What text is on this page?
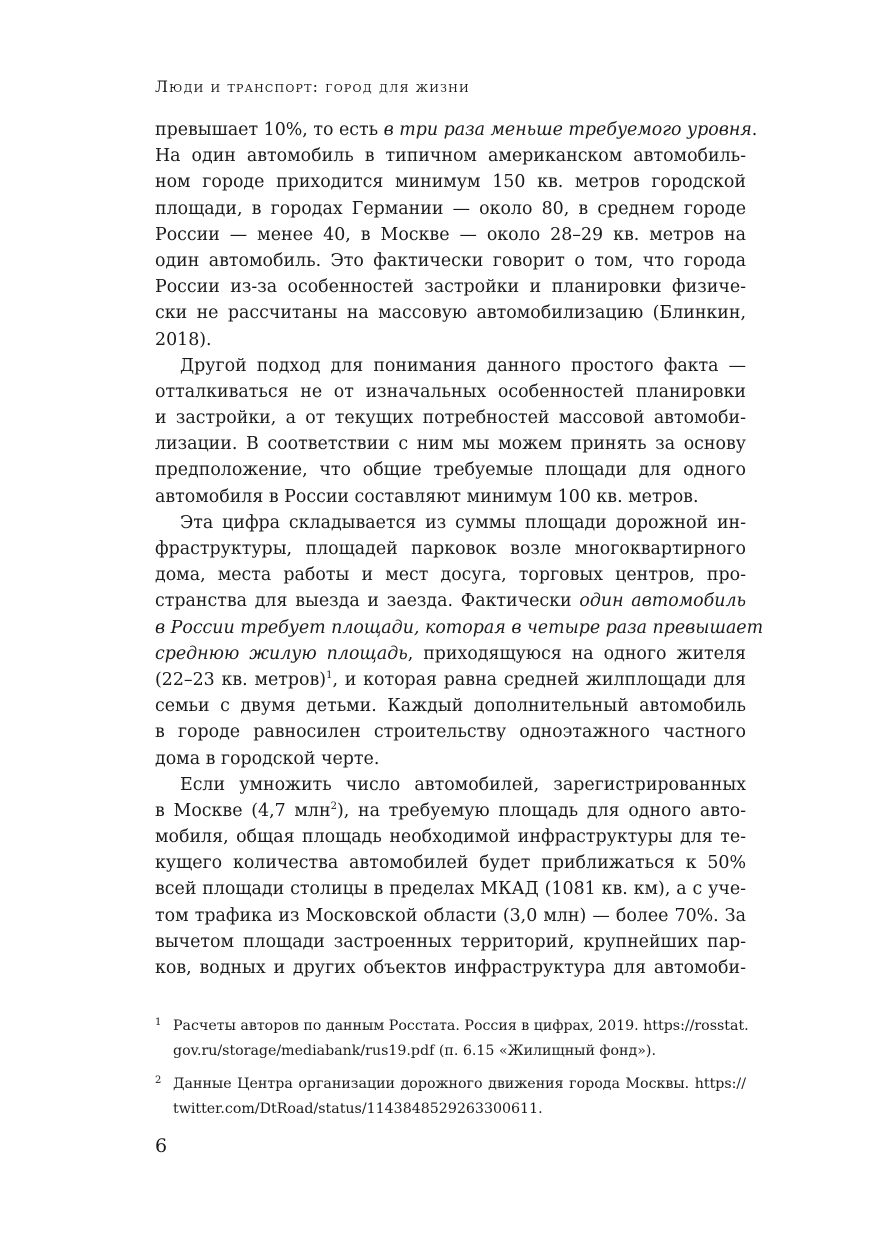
Люди и транспорт: город для жизни
превышает 10%, то есть в три раза меньше требуемого уровня.
На один автомобиль в типичном американском автомобиль-
ном городе приходится минимум 150 кв. метров городской
площади, в городах Германии — около 80, в среднем городе
России — менее 40, в Москве — около 28–29 кв. метров на
один автомобиль. Это фактически говорит о том, что города
России из-за особенностей застройки и планировки физиче-
ски не рассчитаны на массовую автомобилизацию (Блинкин,
2018).
Другой подход для понимания данного простого факта —
отталкиваться не от изначальных особенностей планировки
и застройки, а от текущих потребностей массовой автомоби-
лизации. В соответствии с ним мы можем принять за основу
предположение, что общие требуемые площади для одного
автомобиля в России составляют минимум 100 кв. метров.
Эта цифра складывается из суммы площади дорожной ин-
фраструктуры, площадей парковок возле многоквартирного
дома, места работы и мест досуга, торговых центров, про-
странства для выезда и заезда. Фактически один автомобиль
в России требует площади, которая в четыре раза превышает
среднюю жилую площадь, приходящуюся на одного жителя
(22–23 кв. метров)$^1$, и которая равна средней жилплощади для
семьи с двумя детьми. Каждый дополнительный автомобиль
в городе равносилен строительству одноэтажного частного
дома в городской черте.
Если умножить число автомобилей, зарегистрированных
в Москве (4,7 млн$^2$), на требуемую площадь для одного авто-
мобиля, общая площадь необходимой инфраструктуры для те-
кущего количества автомобилей будет приближаться к 50%
всей площади столицы в пределах МКАД (1081 кв. км), а с уче-
том трафика из Московской области (3,0 млн) — более 70%. За
вычетом площади застроенных территорий, крупнейших пар-
ков, водных и других объектов инфраструктура для автомоби-
1 Расчеты авторов по данным Росстата. Россия в цифрах, 2019. https://rosstat.
gov.ru/storage/mediabank/rus19.pdf (п. 6.15 «Жилищный фонд»).
2 Данные Центра организации дорожного движения города Москвы. https://
twitter.com/DtRoad/status/1143848529263300611.
6
